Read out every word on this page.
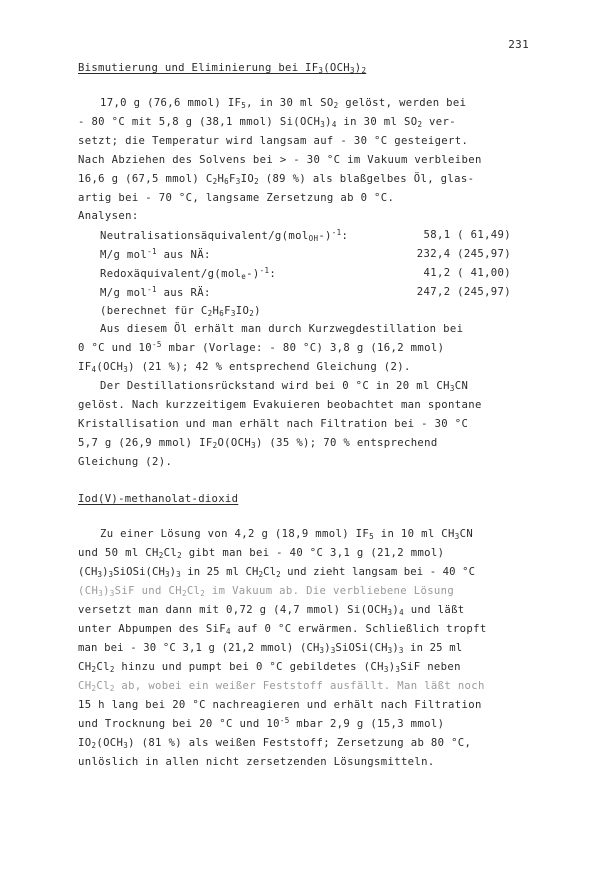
231
Bismutierung und Eliminierung bei $IF_3(OCH_3)_2$
17,0 g (76,6 mmol) $IF_5$, in 30 ml $SO_2$ gelöst, werden bei
- 80 °C mit 5,8 g (38,1 mmol) $Si(OCH_3)_4$ in 30 ml $SO_2$ ver-
setzt; die Temperatur wird langsam auf - 30 °C gesteigert.
Nach Abziehen des Solvens bei > - 30 °C im Vakuum verbleiben
16,6 g (67,5 mmol) $C_2H_6F_3IO_2$ (89 %) als blaßgelbes Öl, glas-
artig bei - 70 °C, langsame Zersetzung ab 0 °C.
Analysen:
Neutralisationsäquivalent/$g(mol_{OH}-)^{-1}$:	58,1 ( 61,49)
M/g mol$^{-1}$ aus NÄ:	232,4 (245,97)
Redoxäquivalent/$g(mol_e-)^{-1}$:	41,2 ( 41,00)
M/g mol$^{-1}$ aus RÄ:	247,2 (245,97)
(berechnet für $C_2H_6F_3IO_2$)
Aus diesem Öl erhält man durch Kurzwegdestillation bei
0 °C und $10^{-5}$ mbar (Vorlage: - 80 °C) 3,8 g (16,2 mmol)
$IF_4(OCH_3)$ (21 %); 42 % entsprechend Gleichung (2).
Der Destillationsrückstand wird bei 0 °C in 20 ml $CH_3CN$
gelöst. Nach kurzzeitigem Evakuieren beobachtet man spontane
Kristallisation und man erhält nach Filtration bei - 30 °C
5,7 g (26,9 mmol) $IF_2O(OCH_3)$ (35 %); 70 % entsprechend
Gleichung (2).
Iod(V)-methanolat-dioxid
Zu einer Lösung von 4,2 g (18,9 mmol) $IF_5$ in 10 ml $CH_3CN$
und 50 ml $CH_2Cl_2$ gibt man bei - 40 °C 3,1 g (21,2 mmol)
$(CH_3)_3SiOSi(CH_3)_3$ in 25 ml $CH_2Cl_2$ und zieht langsam bei - 40 °C
$(CH_3)_3SiF$ und $CH_2Cl_2$ im Vakuum ab. Die verbliebene Lösung
versetzt man dann mit 0,72 g (4,7 mmol) $Si(OCH_3)_4$ und läßt
unter Abpumpen des SiF$_4$ auf 0 °C erwärmen. Schließlich tropft
man bei - 30 °C 3,1 g (21,2 mmol) $(CH_3)_3SiOSi(CH_3)_3$ in 25 ml
$CH_2Cl_2$ hinzu und pumpt bei 0 °C gebildetes $(CH_3)_3SiF$ neben
$CH_2Cl_2$ ab, wobei ein weißer Feststoff ausfällt. Man läßt noch
15 h lang bei 20 °C nachreagieren und erhält nach Filtration
und Trocknung bei 20 °C und $10^{-5}$ mbar 2,9 g (15,3 mmol)
$IO_2(OCH_3)$ (81 %) als weißen Feststoff; Zersetzung ab 80 °C,
unlöslich in allen nicht zersetzenden Lösungsmitteln.
